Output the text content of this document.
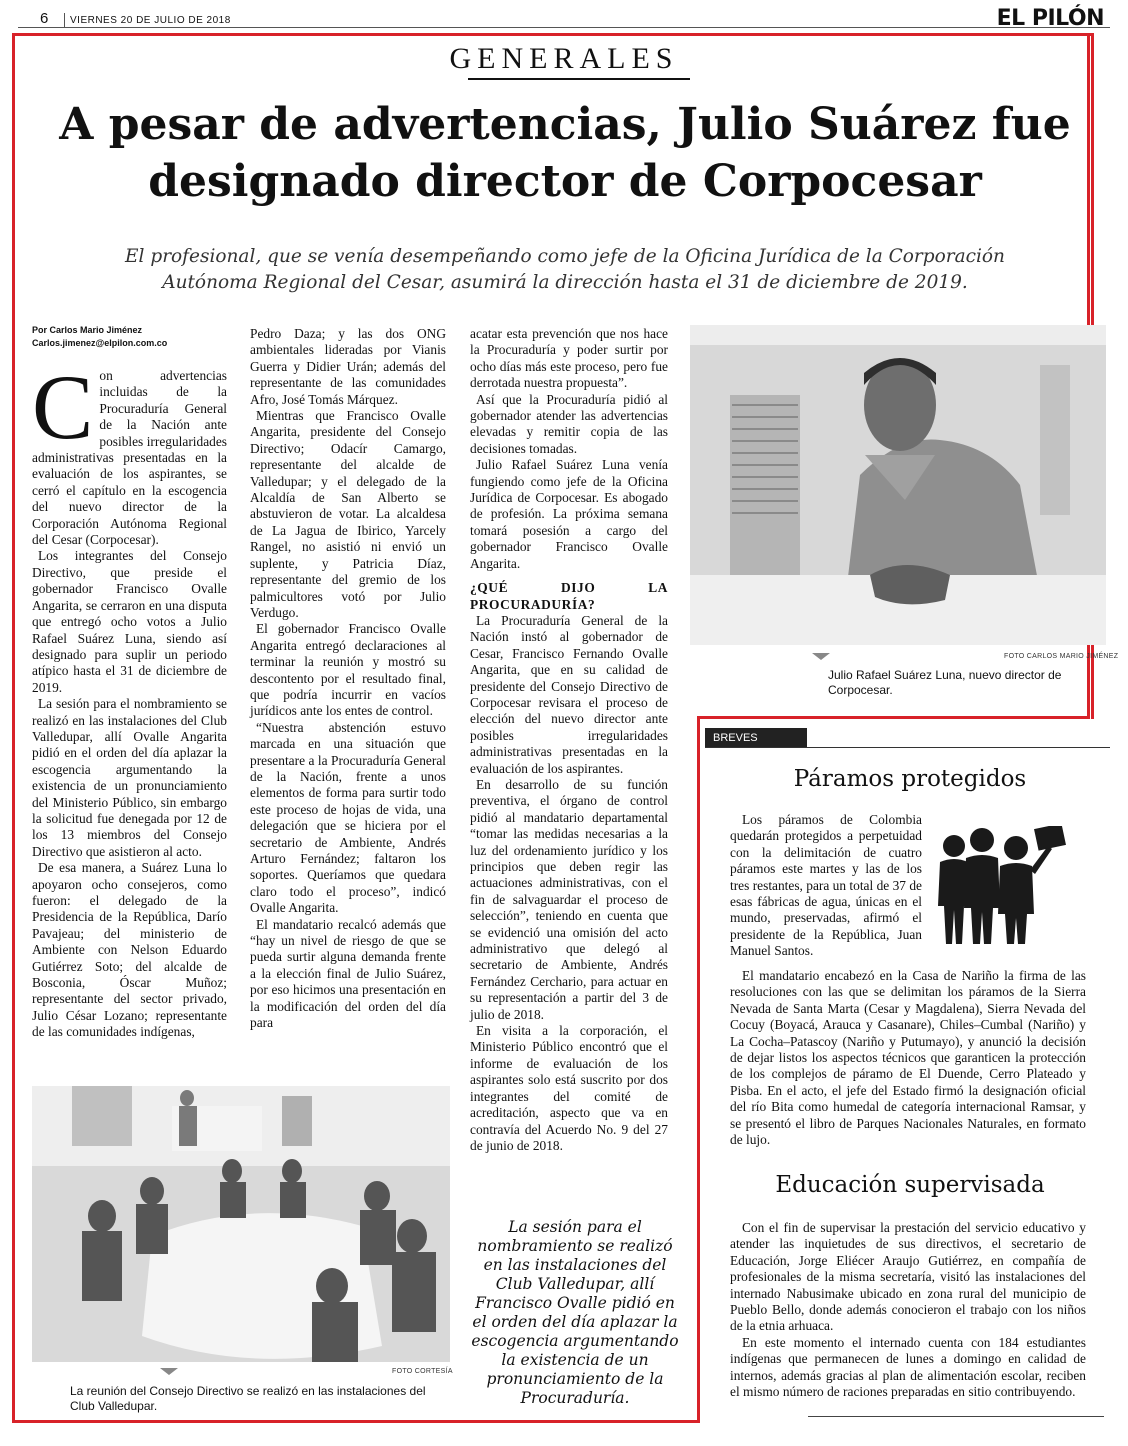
6 VIERNES 20 DE JULIO DE 2018	EL PILÓN
GENERALES
A pesar de advertencias, Julio Suárez fue
designado director de Corpocesar
El profesional, que se venía desempeñando como jefe de la Oficina Jurídica de la Corporación
Autónoma Regional del Cesar, asumirá la dirección hasta el 31 de diciembre de 2019.
Por Carlos Mario Jiménez
Carlos.jimenez@elpilon.com.co

Con advertencias incluidas de la Procuraduría General de la Nación ante posibles irregularidades administrativas presentadas en la evaluación de los aspirantes, se cerró el capítulo en la escogencia del nuevo director de la Corporación Autónoma Regional del Cesar (Corpocesar).

Los integrantes del Consejo Directivo, que preside el gobernador Francisco Ovalle Angarita, se cerraron en una disputa que entregó ocho votos a Julio Rafael Suárez Luna, siendo así designado para suplir un periodo atípico hasta el 31 de diciembre de 2019.

La sesión para el nombramiento se realizó en las instalaciones del Club Valledupar, allí Ovalle Angarita pidió en el orden del día aplazar la escogencia argumentando la existencia de un pronunciamiento del Ministerio Público, sin embargo la solicitud fue denegada por 12 de los 13 miembros del Consejo Directivo que asistieron al acto.

De esa manera, a Suárez Luna lo apoyaron ocho consejeros, como fueron: el delegado de la Presidencia de la República, Darío Pavajeau; del ministerio de Ambiente con Nelson Eduardo Gutiérrez Soto; del alcalde de Bosconia, Óscar Muñoz; representante del sector privado, Julio César Lozano; representante de las comunidades indígenas,

Pedro Daza; y las dos ONG ambientales lideradas por Vianis Guerra y Didier Urán; además del representante de las comunidades Afro, José Tomás Márquez.

Mientras que Francisco Ovalle Angarita, presidente del Consejo Directivo; Odacír Camargo, representante del alcalde de Valledupar; y el delegado de la Alcaldía de San Alberto se abstuvieron de votar. La alcaldesa de La Jagua de Ibirico, Yarcely Rangel, no asistió ni envió un suplente, y Patricia Díaz, representante del gremio de los palmicultores votó por Julio Verdugo.

El gobernador Francisco Ovalle Angarita entregó declaraciones al terminar la reunión y mostró su descontento por el resultado final, que podría incurrir en vacíos jurídicos ante los entes de control.

“Nuestra abstención estuvo marcada en una situación que presentare a la Procuraduría General de la Nación, frente a unos elementos de forma para surtir todo este proceso de hojas de vida, una delegación que se hiciera por el secretario de Ambiente, Andrés Arturo Fernández; faltaron los soportes. Queríamos que quedara claro todo el proceso”, indicó Ovalle Angarita.

El mandatario recalcó además que “hay un nivel de riesgo de que se pueda surtir alguna demanda frente a la elección final de Julio Suárez, por eso hicimos una presentación en la modificación del orden del día para

acatar esta prevención que nos hace la Procuraduría y poder surtir por ocho días más este proceso, pero fue derrotada nuestra propuesta”.

Así que la Procuraduría pidió al gobernador atender las advertencias elevadas y remitir copia de las decisiones tomadas.

Julio Rafael Suárez Luna venía fungiendo como jefe de la Oficina Jurídica de Corpocesar. Es abogado de profesión. La próxima semana tomará posesión a cargo del gobernador Francisco Ovalle Angarita.

¿QUÉ DIJO LA PROCURADURÍA?

La Procuraduría General de la Nación instó al gobernador de Cesar, Francisco Fernando Ovalle Angarita, que en su calidad de presidente del Consejo Directivo de Corpocesar revisara el proceso de elección del nuevo director ante posibles irregularidades administrativas presentadas en la evaluación de los aspirantes.

En desarrollo de su función preventiva, el órgano de control pidió al mandatario departamental “tomar las medidas necesarias a la luz del ordenamiento jurídico y los principios que deben regir las actuaciones administrativas, con el fin de salvaguardar el proceso de selección”, teniendo en cuenta que se evidenció una omisión del acto administrativo que delegó al secretario de Ambiente, Andrés Fernández Cerchario, para actuar en su representación a partir del 3 de julio de 2018.

En visita a la corporación, el Ministerio Público encontró que el informe de evaluación de los aspirantes solo está suscrito por dos integrantes del comité de acreditación, aspecto que va en contravía del Acuerdo No. 9 del 27 de junio de 2018.

FOTO CARLOS MARIO JIMÉNEZ
Julio Rafael Suárez Luna, nuevo director de Corpocesar.
FOTO CORTESÍA
La reunión del Consejo Directivo se realizó en las instalaciones del Club Valledupar.
La sesión para el nombramiento se realizó en las instalaciones del Club Valledupar, allí Francisco Ovalle pidió en el orden del día aplazar la escogencia argumentando la existencia de un pronunciamiento de la Procuraduría.
BREVES
Páramos protegidos

Los páramos de Colombia quedarán protegidos a perpetuidad con la delimitación de cuatro páramos este martes y las de los tres restantes, para un total de 37 de esas fábricas de agua, únicas en el mundo, preservadas, afirmó el presidente de la República, Juan Manuel Santos.

El mandatario encabezó en la Casa de Nariño la firma de las resoluciones con las que se delimitan los páramos de la Sierra Nevada de Santa Marta (Cesar y Magdalena), Sierra Nevada del Cocuy (Boyacá, Arauca y Casanare), Chiles–Cumbal (Nariño) y La Cocha–Patascoy (Nariño y Putumayo), y anunció la decisión de dejar listos los aspectos técnicos que garanticen la protección de los complejos de páramo de El Duende, Cerro Plateado y Pisba. En el acto, el jefe del Estado firmó la designación oficial del río Bita como humedal de categoría internacional Ramsar, y se presentó el libro de Parques Nacionales Naturales, en formato de lujo.

Educación supervisada

Con el fin de supervisar la prestación del servicio educativo y atender las inquietudes de sus directivos, el secretario de Educación, Jorge Eliécer Araujo Gutiérrez, en compañía de profesionales de la misma secretaría, visitó las instalaciones del internado Nabusimake ubicado en zona rural del municipio de Pueblo Bello, donde además conocieron el trabajo con los niños de la etnia arhuaca.

En este momento el internado cuenta con 184 estudiantes indígenas que permanecen de lunes a domingo en calidad de internos, además gracias al plan de alimentación escolar, reciben el mismo número de raciones preparadas en sitio contribuyendo.
